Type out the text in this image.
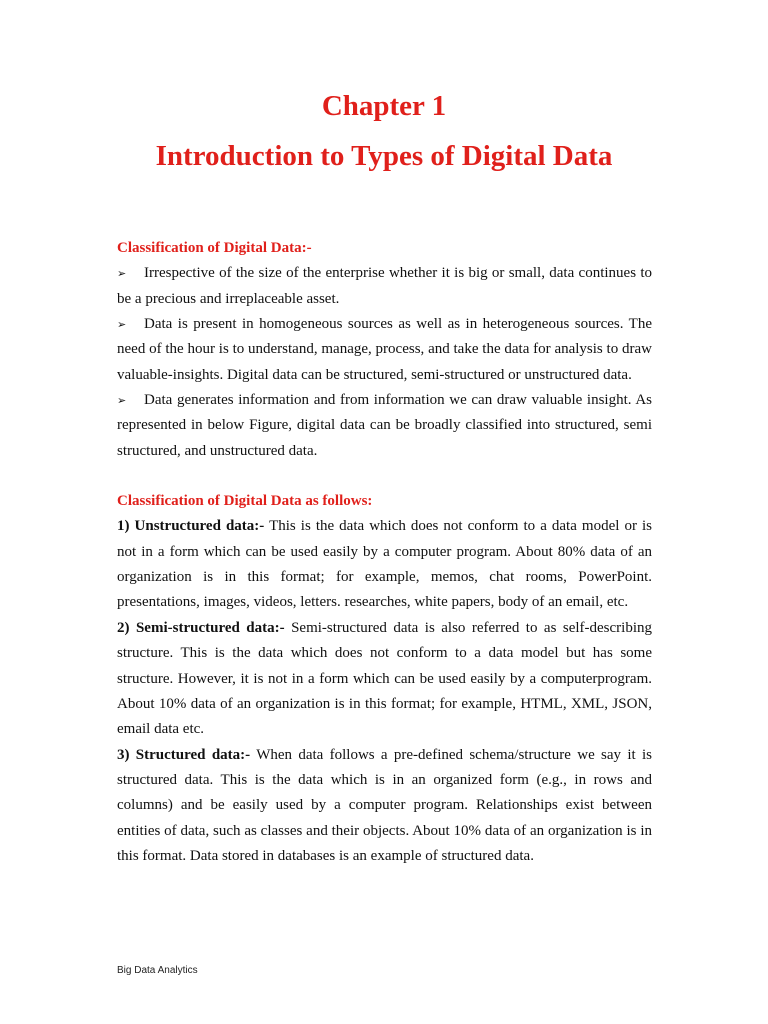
Chapter 1
Introduction to Types of Digital Data

Classification of Digital Data:-

➢ Irrespective of the size of the enterprise whether it is big or small, data continues to be a precious and irreplaceable asset.

➢ Data is present in homogeneous sources as well as in heterogeneous sources. The need of the hour is to understand, manage, process, and take the data for analysis to draw valuable-insights. Digital data can be structured, semi-structured or unstructured data.

➢ Data generates information and from information we can draw valuable insight. As represented in below Figure, digital data can be broadly classified into structured, semi structured, and unstructured data.

Classification of Digital Data as follows:

1) Unstructured data:- This is the data which does not conform to a data model or is not in a form which can be used easily by a computer program. About 80% data of an organization is in this format; for example, memos, chat rooms, PowerPoint. presentations, images, videos, letters. researches, white papers, body of an email, etc.

2) Semi-structured data:- Semi-structured data is also referred to as self-describing structure. This is the data which does not conform to a data model but has some structure. However, it is not in a form which can be used easily by a computerprogram. About 10% data of an organization is in this format; for example, HTML, XML, JSON, email data etc.

3) Structured data:- When data follows a pre-defined schema/structure we say it is structured data. This is the data which is in an organized form (e.g., in rows and columns) and be easily used by a computer program. Relationships exist between entities of data, such as classes and their objects. About 10% data of an organization is in this format. Data stored in databases is an example of structured data.

Big Data Analytics
